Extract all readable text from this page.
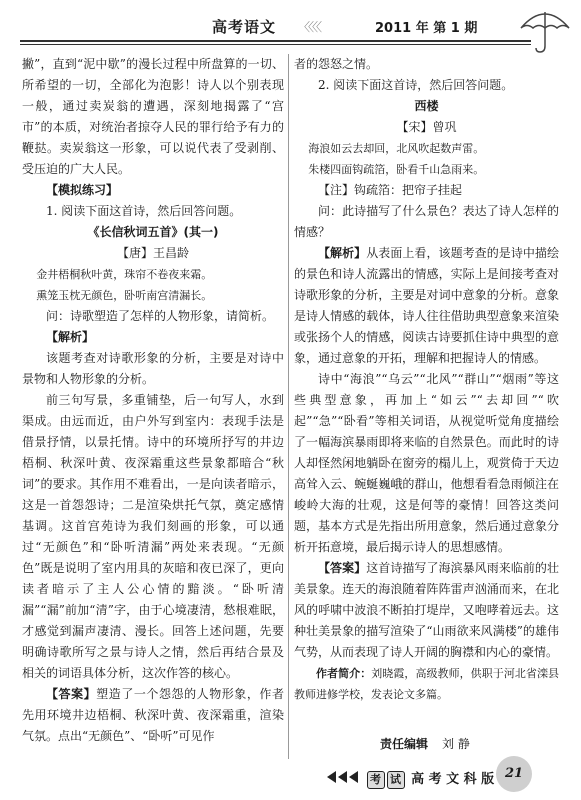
高考语文 〈〈〈〈	2011 年 第 1 期

撇”，直到“泥中歇”的漫长过程中所盘算的一切、所希望的一切，全部化为泡影！诗人以个别表现一般，通过卖炭翁的遭遇，深刻地揭露了“宫市”的本质，对统治者掠夺人民的罪行给予有力的鞭挞。卖炭翁这一形象，可以说代表了受剥削、受压迫的广大人民。

【模拟练习】

1. 阅读下面这首诗，然后回答问题。

《长信秋词五首》(其一)

【唐】王昌龄

金井梧桐秋叶黄，珠帘不卷夜来霜。

熏笼玉枕无颜色，卧听南宫清漏长。

问：诗歌塑造了怎样的人物形象，请简析。

【解析】

该题考查对诗歌形象的分析，主要是对诗中景物和人物形象的分析。

前三句写景，多重铺垫，后一句写人，水到渠成。由远而近，由户外写到室内：表现手法是借景抒情，以景托情。诗中的环境所抒写的井边梧桐、秋深叶黄、夜深霜重这些景象都暗合“秋词”的要求。其作用不难看出，一是向读者暗示，这是一首怨怨诗；二是渲染烘托气氛，奠定感情基调。这首宫苑诗为我们刻画的形象，可以通过“无颜色”和“卧听清漏”两处来表现。“无颜色”既是说明了室内用具的灰暗和夜已深了，更向读者暗示了主人公心情的黯淡。“卧听清漏”“漏”前加“清”字，由于心境凄清，愁根难眠，才感觉到漏声凄清、漫长。回答上述问题，先要明确诗歌所写之景与诗人之情，然后再结合景及相关的词语具体分析，这次作答的核心。

【答案】塑造了一个怨怨的人物形象，作者先用环境井边梧桐、秋深叶黄、夜深霜重，渲染气氛。点出“无颜色”、“卧听”可见作

者的怨怒之情。

2. 阅读下面这首诗，然后回答问题。

西楼

【宋】曾巩

海浪如云去却回，北风吹起数声雷。

朱楼四面钩疏箔，卧看千山急雨来。

【注】钩疏箔：把帘子挂起

问：此诗描写了什么景色？表达了诗人怎样的情感？

【解析】从表面上看，该题考查的是诗中描绘的景色和诗人流露出的情感，实际上是间接考查对诗歌形象的分析，主要是对词中意象的分析。意象是诗人情感的载体，诗人往往借助典型意象来渲染或张扬个人的情感，阅读古诗要抓住诗中典型的意象，通过意象的开拓，理解和把握诗人的情感。

诗中“海浪”“乌云”“北风”“群山”“烟雨”等这些典型意象，再加上“如云”“去却回”“吹起”“急”“卧看”等相关词语，从视觉听觉角度描绘了一幅海滨暴雨即将来临的自然景色。而此时的诗人却怪然闲地躺卧在窗旁的榻儿上，观赏倚于天边高耸入云、蜿蜒巍峨的群山，他想看看急雨倾注在峻岭大海的壮观，这是何等的豪情！回答这类问题，基本方式是先指出所用意象，然后通过意象分析开拓意境，最后揭示诗人的思想感情。

【答案】这首诗描写了海滨暴风雨来临前的壮美景象。连天的海浪随着阵阵雷声汹涌而来，在北风的呼啸中波浪不断拍打堤岸，又咆哮着远去。这种壮美景象的描写渲染了“山雨欲来风满楼”的雄伟气势，从而表现了诗人开阔的胸襟和内心的豪情。

作者简介：刘晓霞，高级教师，供职于河北省滦县教师进修学校，发表论文多篇。

责任编辑 刘 静
考 试 高 考 文 科 版 21
